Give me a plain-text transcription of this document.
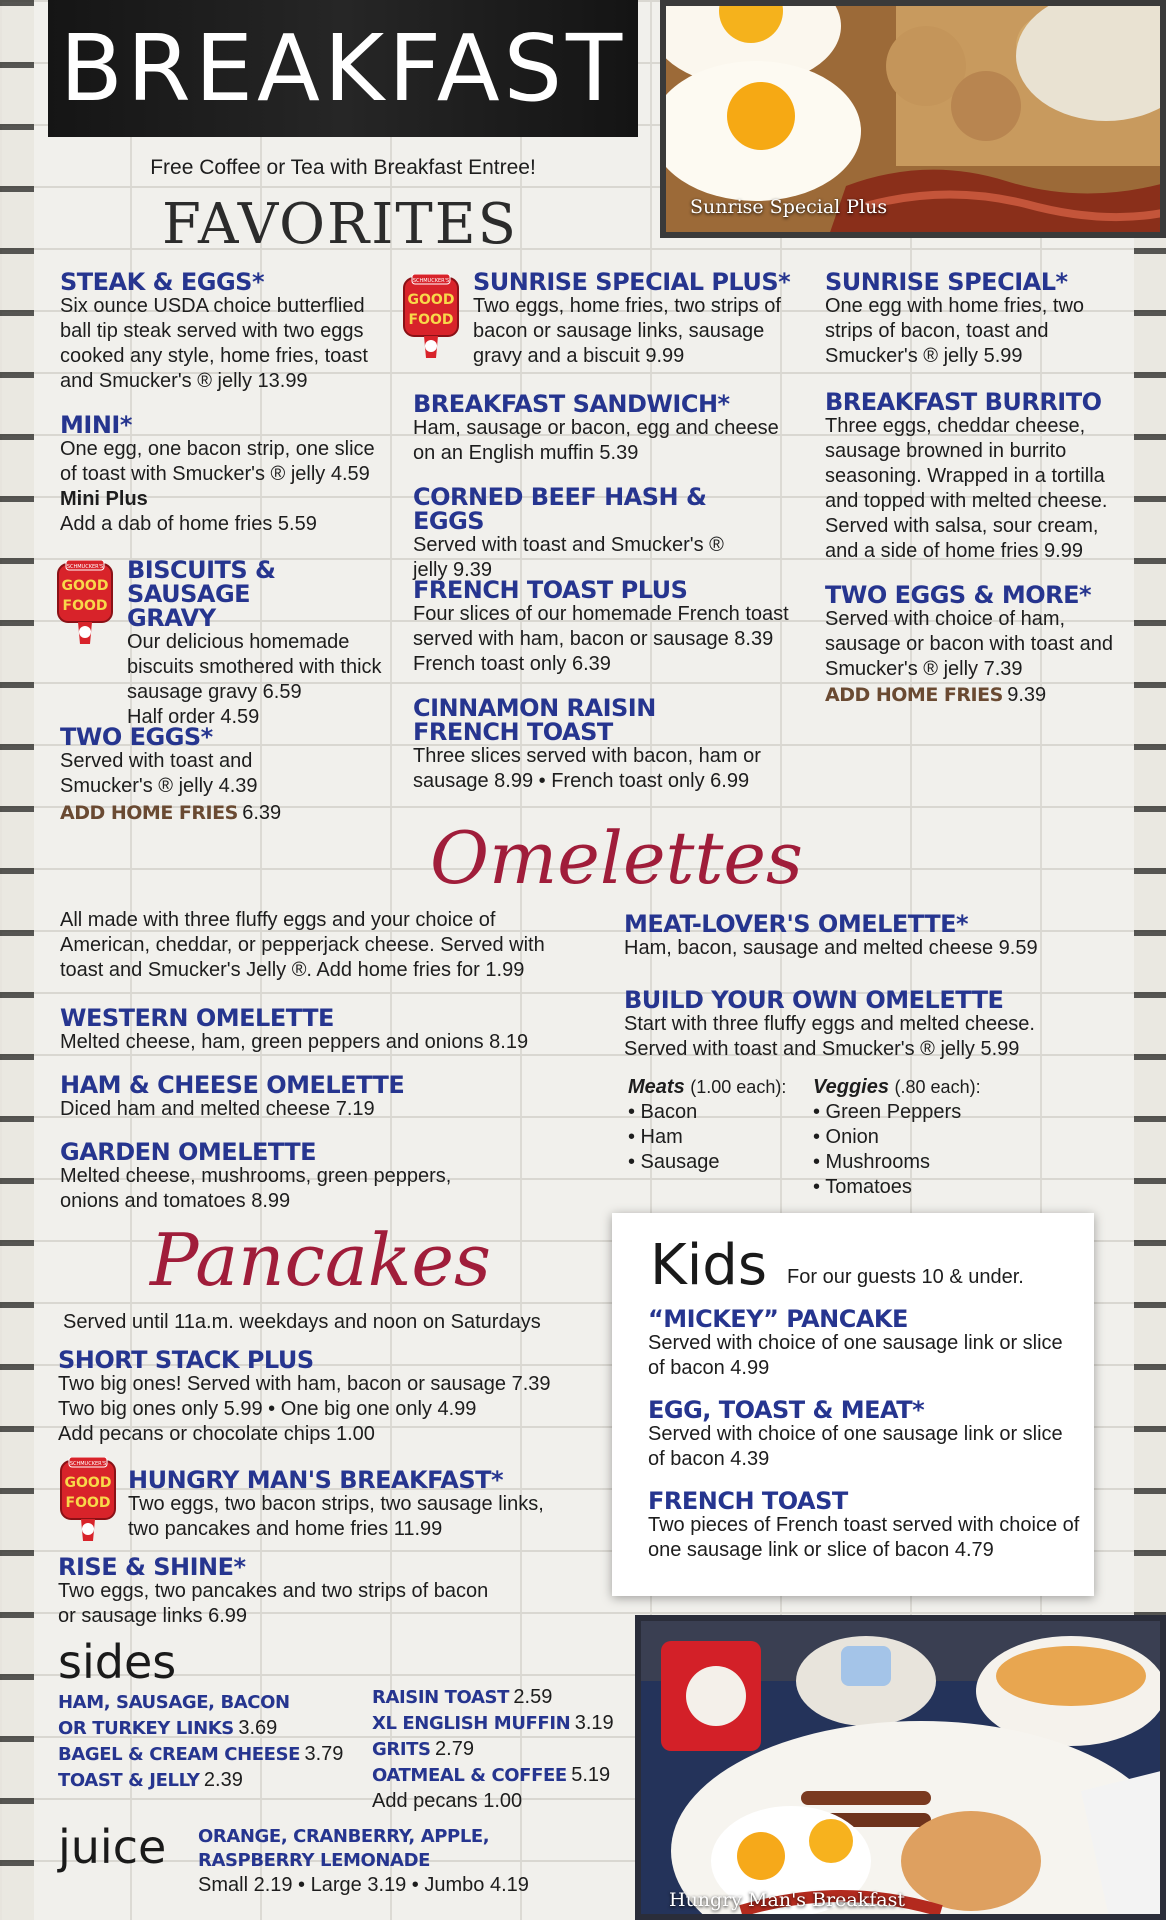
BREAKFAST
Free Coffee or Tea with Breakfast Entree!
FAVORITES	Sunrise Special Plus
STEAK & EGGS*
Six ounce USDA choice butterflied ball tip steak served with two eggs cooked any style, home fries, toast and Smucker's ® jelly 13.99
MINI*
One egg, one bacon strip, one slice of toast with Smucker's ® jelly 4.59
Mini Plus
Add a dab of home fries 5.59
SCHMUCKER'S
GOOD
FOOD
BISCUITS & SAUSAGE
GRAVY
Our delicious homemade biscuits smothered with thick sausage gravy 6.59
Half order 4.59
TWO EGGS*
Served with toast and Smucker's ® jelly 4.39
ADD HOME FRIES 6.39
SCHMUCKER'S
GOOD
FOOD
SUNRISE SPECIAL PLUS*
Two eggs, home fries, two strips of bacon or sausage links, sausage gravy and a biscuit 9.99
BREAKFAST SANDWICH*
Ham, sausage or bacon, egg and cheese on an English muffin 5.39
CORNED BEEF HASH & EGGS
Served with toast and Smucker's ® jelly 9.39
FRENCH TOAST PLUS
Four slices of our homemade French toast served with ham, bacon or sausage 8.39
French toast only 6.39
CINNAMON RAISIN
FRENCH TOAST
Three slices served with bacon, ham or sausage 8.99 • French toast only 6.99
SUNRISE SPECIAL*
One egg with home fries, two strips of bacon, toast and Smucker's ® jelly 5.99
BREAKFAST BURRITO
Three eggs, cheddar cheese, sausage browned in burrito seasoning. Wrapped in a tortilla and topped with melted cheese. Served with salsa, sour cream, and a side of home fries 9.99
TWO EGGS & MORE*
Served with choice of ham, sausage or bacon with toast and Smucker's ® jelly 7.39
ADD HOME FRIES 9.39
Omelettes
All made with three fluffy eggs and your choice of American, cheddar, or pepperjack cheese. Served with toast and Smucker's Jelly ®. Add home fries for 1.99
WESTERN OMELETTE
Melted cheese, ham, green peppers and onions 8.19
HAM & CHEESE OMELETTE
Diced ham and melted cheese 7.19
GARDEN OMELETTE
Melted cheese, mushrooms, green peppers, onions and tomatoes 8.99
MEAT-LOVER'S OMELETTE*
Ham, bacon, sausage and melted cheese 9.59
BUILD YOUR OWN OMELETTE
Start with three fluffy eggs and melted cheese. Served with toast and Smucker's ® jelly 5.99
Meats (1.00 each):
• Bacon
• Ham
• Sausage
Veggies (.80 each):
• Green Peppers
• Onion
• Mushrooms
• Tomatoes
Pancakes
Served until 11a.m. weekdays and noon on Saturdays
SHORT STACK PLUS
Two big ones! Served with ham, bacon or sausage 7.39
Two big ones only 5.99 • One big one only 4.99
Add pecans or chocolate chips 1.00
SCHMUCKER'S
GOOD
FOOD
HUNGRY MAN'S BREAKFAST*
Two eggs, two bacon strips, two sausage links, two pancakes and home fries 11.99
RISE & SHINE*
Two eggs, two pancakes and two strips of bacon or sausage links 6.99
Kids For our guests 10 & under.
“MICKEY” PANCAKE
Served with choice of one sausage link or slice of bacon 4.99
EGG, TOAST & MEAT*
Served with choice of one sausage link or slice of bacon 4.39
FRENCH TOAST
Two pieces of French toast served with choice of one sausage link or slice of bacon 4.79
sides
HAM, SAUSAGE, BACON
OR TURKEY LINKS 3.69
BAGEL & CREAM CHEESE 3.79
TOAST & JELLY 2.39
RAISIN TOAST 2.59
XL ENGLISH MUFFIN 3.19
GRITS 2.79
OATMEAL & COFFEE 5.19
Add pecans 1.00
juice ORANGE, CRANBERRY, APPLE,
RASPBERRY LEMONADE
Small 2.19 • Large 3.19 • Jumbo 4.19
Hungry Man's Breakfast
